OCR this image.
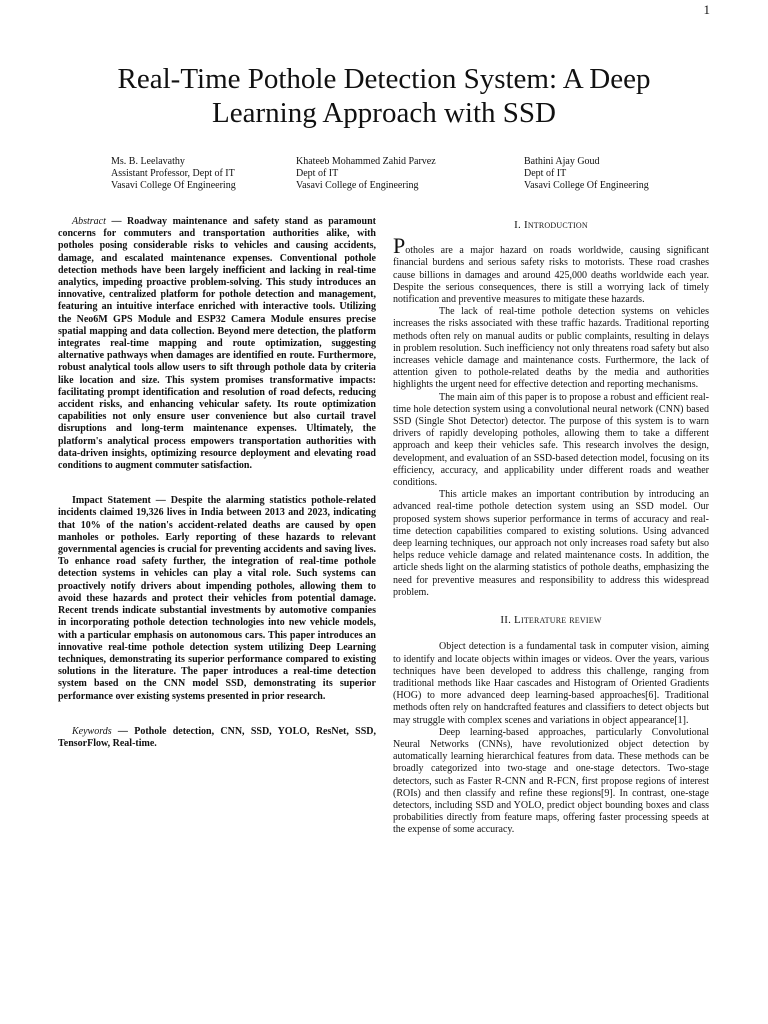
1
Real-Time Pothole Detection System: A Deep Learning Approach with SSD
Ms. B. Leelavathy
Assistant Professor, Dept of IT
Vasavi College Of Engineering
Khateeb Mohammed Zahid Parvez
Dept of IT
Vasavi College of Engineering
Bathini Ajay Goud
Dept of IT
Vasavi College Of Engineering

Abstract — Roadway maintenance and safety stand as paramount concerns for commuters and transportation authorities alike, with potholes posing considerable risks to vehicles and causing accidents, damage, and escalated maintenance expenses. Conventional pothole detection methods have been largely inefficient and lacking in real-time analytics, impeding proactive problem-solving. This study introduces an innovative, centralized platform for pothole detection and management, featuring an intuitive interface enriched with interactive tools. Utilizing the Neo6M GPS Module and ESP32 Camera Module ensures precise spatial mapping and data collection. Beyond mere detection, the platform integrates real-time mapping and route optimization, suggesting alternative pathways when damages are identified en route. Furthermore, robust analytical tools allow users to sift through pothole data by criteria like location and size. This system promises transformative impacts: facilitating prompt identification and resolution of road defects, reducing accident risks, and enhancing vehicular safety. Its route optimization capabilities not only ensure user convenience but also curtail travel disruptions and long-term maintenance expenses. Ultimately, the platform's analytical process empowers transportation authorities with data-driven insights, optimizing resource deployment and elevating road conditions to augment commuter satisfaction.

Impact Statement — Despite the alarming statistics pothole-related incidents claimed 19,326 lives in India between 2013 and 2023, indicating that 10% of the nation's accident-related deaths are caused by open manholes or potholes. Early reporting of these hazards to relevant governmental agencies is crucial for preventing accidents and saving lives. To enhance road safety further, the integration of real-time pothole detection systems in vehicles can play a vital role. Such systems can proactively notify drivers about impending potholes, allowing them to avoid these hazards and protect their vehicles from potential damage. Recent trends indicate substantial investments by automotive companies in incorporating pothole detection technologies into new vehicle models, with a particular emphasis on autonomous cars. This paper introduces an innovative real-time pothole detection system utilizing Deep Learning techniques, demonstrating its superior performance compared to existing solutions in the literature. The paper introduces a real-time detection system based on the CNN model SSD, demonstrating its superior performance over existing systems presented in prior research.

Keywords — Pothole detection, CNN, SSD, YOLO, ResNet, SSD, TensorFlow, Real-time.

I. Introduction

Potholes are a major hazard on roads worldwide, causing significant financial burdens and serious safety risks to motorists. These road crashes cause billions in damages and around 425,000 deaths worldwide each year. Despite the serious consequences, there is still a worrying lack of timely notification and preventive measures to mitigate these hazards.

The lack of real-time pothole detection systems on vehicles increases the risks associated with these traffic hazards. Traditional reporting methods often rely on manual audits or public complaints, resulting in delays in problem resolution. Such inefficiency not only threatens road safety but also increases vehicle damage and maintenance costs. Furthermore, the lack of attention given to pothole-related deaths by the media and authorities highlights the urgent need for effective detection and reporting mechanisms.

The main aim of this paper is to propose a robust and efficient real-time hole detection system using a convolutional neural network (CNN) based SSD (Single Shot Detector) detector. The purpose of this system is to warn drivers of rapidly developing potholes, allowing them to take a different approach and keep their vehicles safe. This research involves the design, development, and evaluation of an SSD-based detection model, focusing on its efficiency, accuracy, and applicability under different roads and weather conditions.

This article makes an important contribution by introducing an advanced real-time pothole detection system using an SSD model. Our proposed system shows superior performance in terms of accuracy and real-time detection capabilities compared to existing solutions. Using advanced deep learning techniques, our approach not only increases road safety but also helps reduce vehicle damage and related maintenance costs. In addition, the article sheds light on the alarming statistics of pothole deaths, emphasizing the need for preventive measures and responsibility to address this widespread problem.

II. Literature review

Object detection is a fundamental task in computer vision, aiming to identify and locate objects within images or videos. Over the years, various techniques have been developed to address this challenge, ranging from traditional methods like Haar cascades and Histogram of Oriented Gradients (HOG) to more advanced deep learning-based approaches[6]. Traditional methods often rely on handcrafted features and classifiers to detect objects but may struggle with complex scenes and variations in object appearance[1].

Deep learning-based approaches, particularly Convolutional Neural Networks (CNNs), have revolutionized object detection by automatically learning hierarchical features from data. These methods can be broadly categorized into two-stage and one-stage detectors. Two-stage detectors, such as Faster R-CNN and R-FCN, first propose regions of interest (ROIs) and then classify and refine these regions[9]. In contrast, one-stage detectors, including SSD and YOLO, predict object bounding boxes and class probabilities directly from feature maps, offering faster processing speeds at the expense of some accuracy.
